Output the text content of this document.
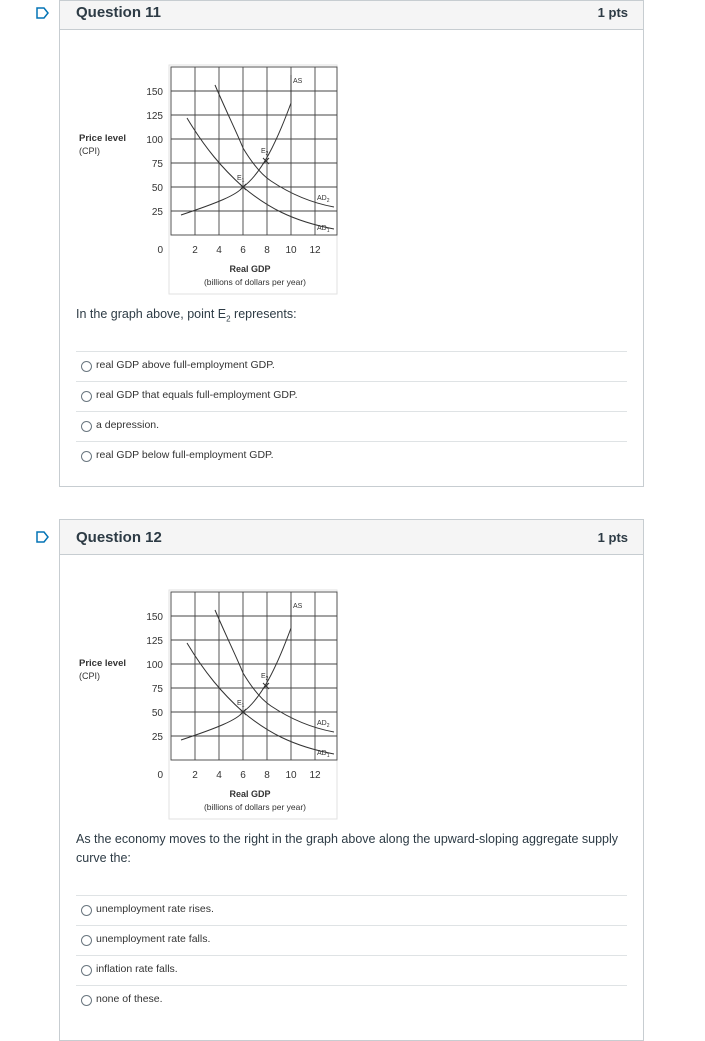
Question 11	1 pts
$E_1$
$E_2$
AS
$AD_2$
$AD_1$
150
125
100
75
50
25
0
Price level
(CPI)
2 4 6 8 10 12
Real GDP
(billions of dollars per year)
In the graph above, point $E_2$ represents:
real GDP above full-employment GDP.
real GDP that equals full-employment GDP.
a depression.
real GDP below full-employment GDP.
Question 12	1 pts
$E_1$
$E_2$
AS
$AD_2$
$AD_1$
150
125
100
75
50
25
0
Price level
(CPI)
2 4 6 8 10 12
Real GDP
(billions of dollars per year)
As the economy moves to the right in the graph above along the upward-sloping aggregate supply curve the:
unemployment rate rises.
unemployment rate falls.
inflation rate falls.
none of these.
